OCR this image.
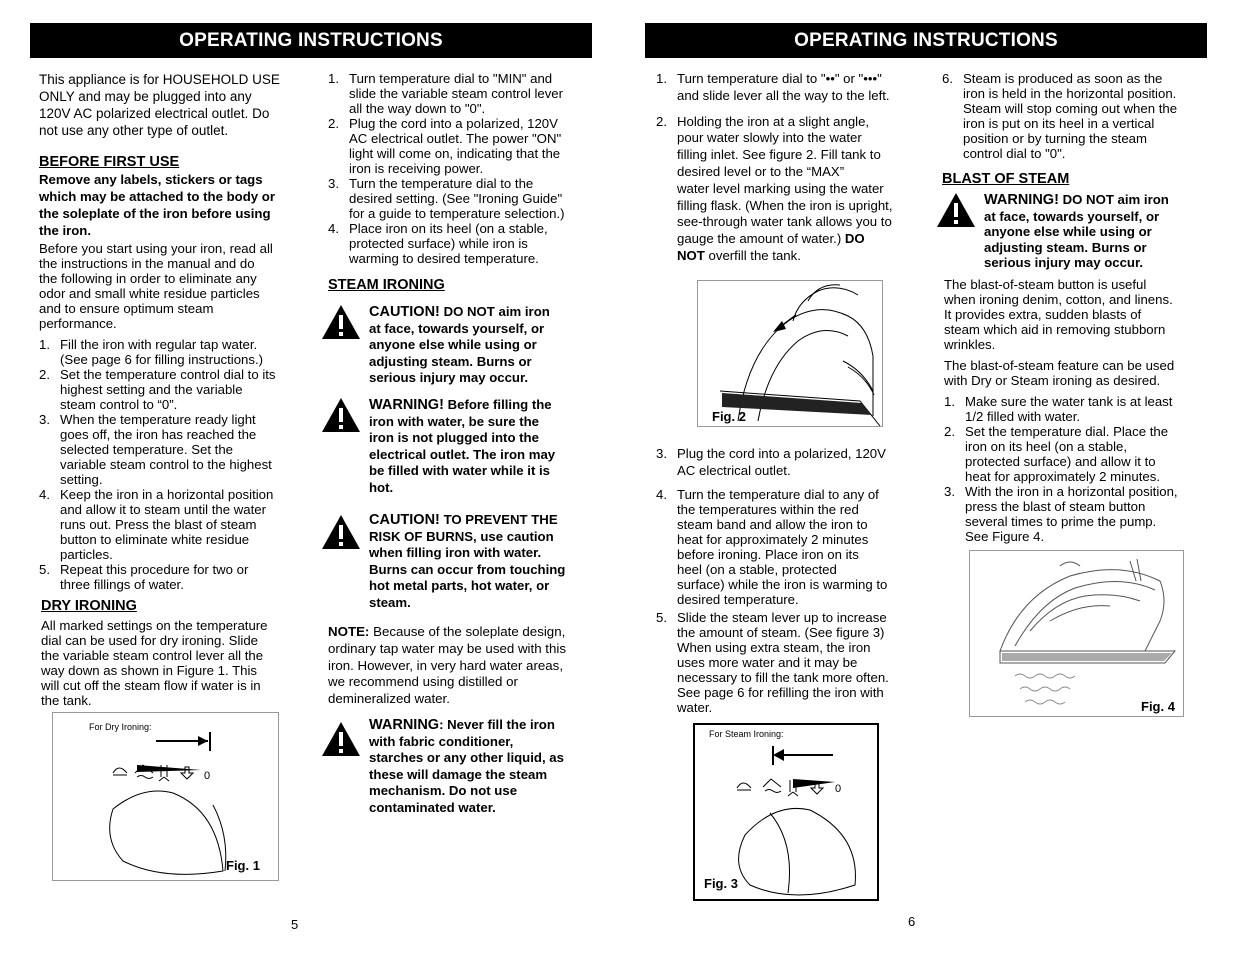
OPERATING INSTRUCTIONS	OPERATING INSTRUCTIONS

This appliance is for HOUSEHOLD USE
ONLY and may be plugged into any
120V AC polarized electrical outlet. Do
not use any other type of outlet.

BEFORE FIRST USE

Remove any labels, stickers or tags
which may be attached to the body or
the soleplate of the iron before using
the iron.

Before you start using your iron, read all
the instructions in the manual and do
the following in order to eliminate any
odor and small white residue particles
and to ensure optimum steam
performance.

1. Fill the iron with regular tap water.
(See page 6 for filling instructions.)
2. Set the temperature control dial to its
highest setting and the variable
steam control to “0”.
3. When the temperature ready light
goes off, the iron has reached the
selected temperature. Set the
variable steam control to the highest
setting.
4. Keep the iron in a horizontal position
and allow it to steam until the water
runs out. Press the blast of steam
button to eliminate white residue
particles.
5. Repeat this procedure for two or
three fillings of water.

DRY IRONING

All marked settings on the temperature
dial can be used for dry ironing. Slide
the variable steam control lever all the
way down as shown in Figure 1. This
will cut off the steam flow if water is in
the tank.

For Dry Ironing:
0
Fig. 1
5
1. Turn temperature dial to "MIN" and
slide the variable steam control lever
all the way down to "0".
2. Plug the cord into a polarized, 120V
AC electrical outlet. The power "ON"
light will come on, indicating that the
iron is receiving power.
3. Turn the temperature dial to the
desired setting. (See "Ironing Guide"
for a guide to temperature selection.)
4. Place iron on its heel (on a stable,
protected surface) while iron is
warming to desired temperature.

STEAM IRONING

CAUTION! DO NOT aim iron
at face, towards yourself, or
anyone else while using or
adjusting steam. Burns or
serious injury may occur.
WARNING! Before filling the
iron with water, be sure the
iron is not plugged into the
electrical outlet. The iron may
be filled with water while it is
hot.
CAUTION! TO PREVENT THE
RISK OF BURNS, use caution
when filling iron with water.
Burns can occur from touching
hot metal parts, hot water, or
steam.
NOTE: Because of the soleplate design,
ordinary tap water may be used with this
iron. However, in very hard water areas,
we recommend using distilled or
demineralized water.
WARNING: Never fill the iron
with fabric conditioner,
starches or any other liquid, as
these will damage the steam
mechanism. Do not use
contaminated water.
1. Turn temperature dial to "••" or "•••"
and slide lever all the way to the left.
2. Holding the iron at a slight angle,
pour water slowly into the water
filling inlet. See figure 2. Fill tank to
desired level or to the “MAX”
water level marking using the water
filling flask. (When the iron is upright,
see-through water tank allows you to
gauge the amount of water.) DO
NOT overfill the tank.
Fig. 2
3. Plug the cord into a polarized, 120V
AC electrical outlet.
4. Turn the temperature dial to any of
the temperatures within the red
steam band and allow the iron to
heat for approximately 2 minutes
before ironing. Place iron on its
heel (on a stable, protected
surface) while the iron is warming to
desired temperature.
5. Slide the steam lever up to increase
the amount of steam. (See figure 3)
When using extra steam, the iron
uses more water and it may be
necessary to fill the tank more often.
See page 6 for refilling the iron with
water.
For Steam Ironing:
0
Fig. 3
6
6. Steam is produced as soon as the
iron is held in the horizontal position.
Steam will stop coming out when the
iron is put on its heel in a vertical
position or by turning the steam
control dial to "0".

BLAST OF STEAM

WARNING! DO NOT aim iron
at face, towards yourself, or
anyone else while using or
adjusting steam. Burns or
serious injury may occur.

The blast-of-steam button is useful
when ironing denim, cotton, and linens.
It provides extra, sudden blasts of
steam which aid in removing stubborn
wrinkles.

The blast-of-steam feature can be used
with Dry or Steam ironing as desired.

1. Make sure the water tank is at least
1/2 filled with water.
2. Set the temperature dial. Place the
iron on its heel (on a stable,
protected surface) and allow it to
heat for approximately 2 minutes.
3. With the iron in a horizontal position,
press the blast of steam button
several times to prime the pump.
See Figure 4.
Fig. 4
